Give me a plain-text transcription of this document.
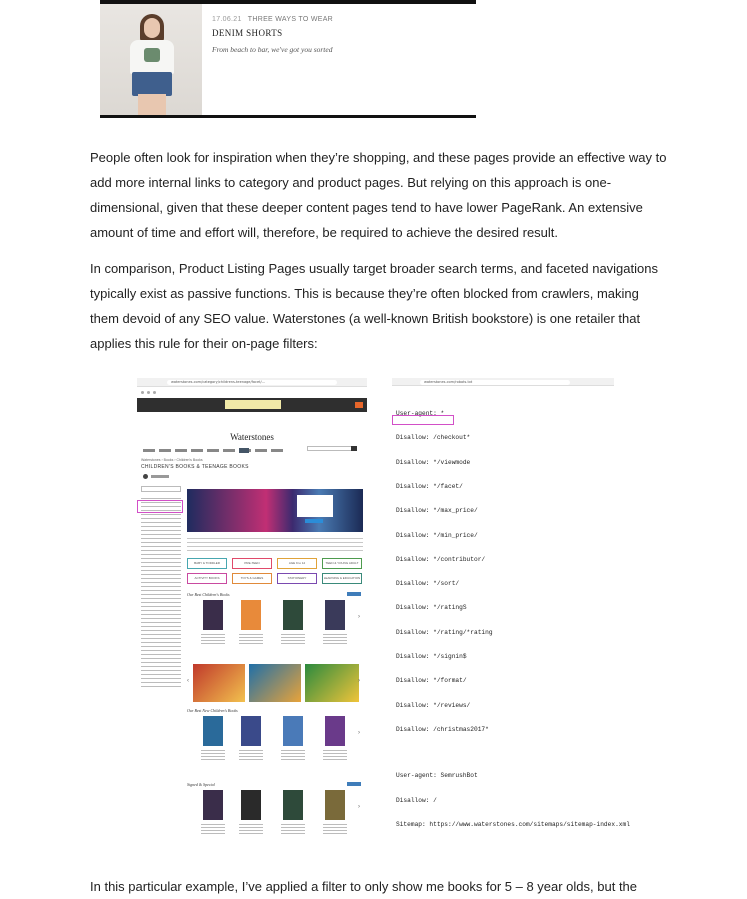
17.06.21 THREE WAYS TO WEAR
DENIM SHORTS
From beach to bar, we've got you sorted

People often look for inspiration when they’re shopping, and these pages provide an effective way to add more internal links to category and product pages. But relying on this approach is one-dimensional, given that these deeper content pages tend to have lower PageRank. An extensive amount of time and effort will, therefore, be required to achieve the desired result.

In comparison, Product Listing Pages usually target broader search terms, and faceted navigations typically exist as passive functions. This is because they’re often blocked from crawlers, making them devoid of any SEO value. Waterstones (a well-known British bookstore) is one retailer that applies this rule for their on-page filters:

waterstones.com/category/childrens-teenage/facet/...
Waterstones
Waterstones › Books › Children's Books
CHILDREN'S BOOKS & TEENAGE BOOKS
BABY & TODDLER	PRE-TEEN	AGE 9 to 12	TEEN & YOUNG ADULT
ACTIVITY BOOKS	TOYS & GAMES	STATIONERY	LEARNING & EDUCATION
Our Best Children's Books
›
‹	›
Our Best New Children's Books
›
Signed & Special
›
waterstones.com/robots.txt

User-agent: *

Disallow: /checkout*

Disallow: */viewmode

Disallow: */facet/

Disallow: */max_price/

Disallow: */min_price/

Disallow: */contributor/

Disallow: */sort/

Disallow: */ratingS

Disallow: */rating/*rating

Disallow: */signin$

Disallow: */format/

Disallow: */reviews/

Disallow: /christmas2017*

User-agent: SemrushBot

Disallow: /

Sitemap: https://www.waterstones.com/sitemaps/sitemap-index.xml

In this particular example, I’ve applied a filter to only show me books for 5 – 8 year olds, but the
